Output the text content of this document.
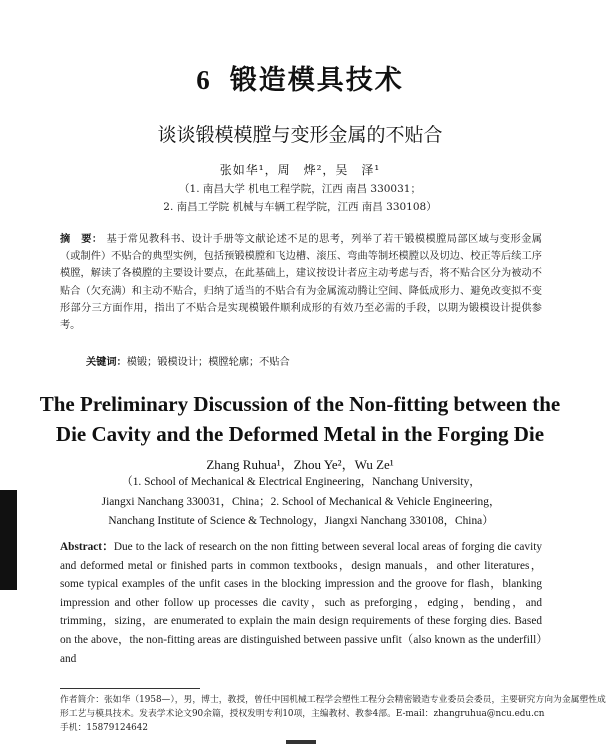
6 锻造模具技术
谈谈锻模模膛与变形金属的不贴合
张如华¹，周　烨²，吴　泽¹
（1. 南昌大学 机电工程学院，江西 南昌 330031；
2. 南昌工学院 机械与车辆工程学院，江西 南昌 330108）
摘　要： 基于常见教科书、设计手册等文献论述不足的思考，列举了若干锻模模膛局部区域与变形金属（或制件）不贴合的典型实例，包括预锻模膛和飞边槽、滚压、弯曲等制坯模膛以及切边、校正等后续工序模膛，解读了各模膛的主要设计要点，在此基础上，建议按设计者应主动考虑与否，将不贴合区分为被动不贴合（欠充满）和主动不贴合，归纳了适当的不贴合有为金属流动腾让空间、降低成形力、避免改变拟不变形部分三方面作用，指出了不贴合是实现模锻件顺利成形的有效乃至必需的手段，以期为锻模设计提供参考。
关键词：模锻；锻模设计；模膛轮廓；不贴合
The Preliminary Discussion of the Non-fitting between the
Die Cavity and the Deformed Metal in the Forging Die
Zhang Ruhua¹，Zhou Ye²，Wu Ze¹
（1. School of Mechanical & Electrical Engineering，Nanchang University，
Jiangxi Nanchang 330031，China；2. School of Mechanical & Vehicle Engineering，
Nanchang Institute of Science & Technology，Jiangxi Nanchang 330108，China）
Abstract：Due to the lack of research on the non fitting between several local areas of forging die cavity and deformed metal or finished parts in common textbooks，design manuals，and other literatures，some typical examples of the unfit cases in the blocking impression and the groove for flash，blanking impression and other follow up processes die cavity，such as preforging，edging，bending，and trimming，sizing，are enumerated to explain the main design requirements of these forging dies. Based on the above，the non-fitting areas are distinguished between passive unfit（also known as the underfill）and
作者简介：张如华（1958—），男，博士，教授，曾任中国机械工程学会塑性工程分会精密锻造专业委员会委员，主要研究方向为金属塑性成
形工艺与模具技术。发表学术论文90余篇，授权发明专利10项，主编教材、教参4部。E-mail：zhangruhua@ncu.edu.cn
手机：15879124642
